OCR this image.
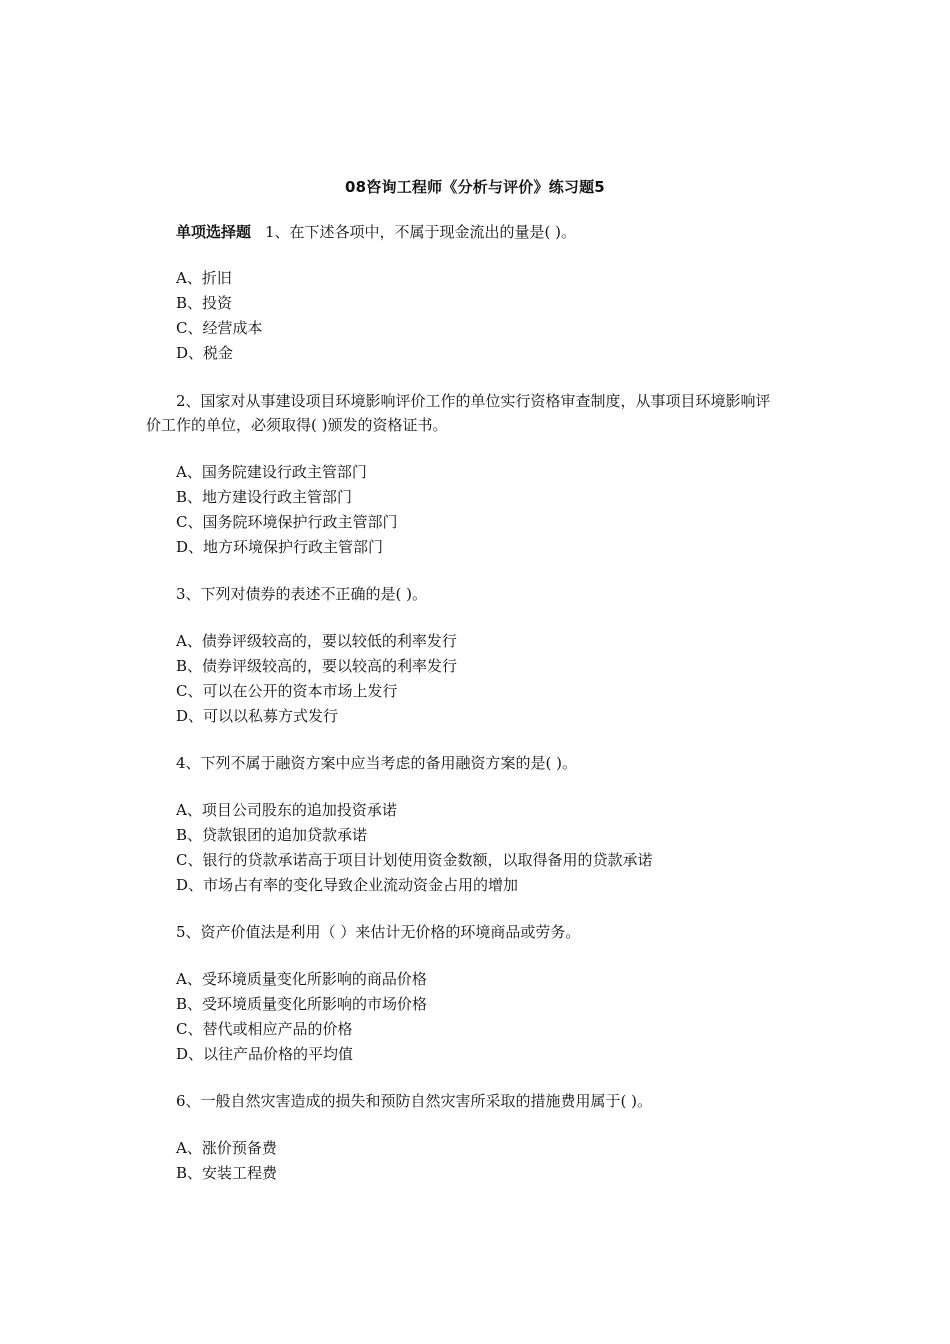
08咨询工程师《分析与评价》练习题5
单项选择题 1、在下述各项中，不属于现金流出的量是( )。
A、折旧
B、投资
C、经营成本
D、税金
2、国家对从事建设项目环境影响评价工作的单位实行资格审查制度，从事项目环境影响评
价工作的单位，必须取得( )颁发的资格证书。
A、国务院建设行政主管部门
B、地方建设行政主管部门
C、国务院环境保护行政主管部门
D、地方环境保护行政主管部门
3、下列对债券的表述不正确的是( )。
A、债券评级较高的，要以较低的利率发行
B、债券评级较高的，要以较高的利率发行
C、可以在公开的资本市场上发行
D、可以以私募方式发行
4、下列不属于融资方案中应当考虑的备用融资方案的是( )。
A、项目公司股东的追加投资承诺
B、贷款银团的追加贷款承诺
C、银行的贷款承诺高于项目计划使用资金数额，以取得备用的贷款承诺
D、市场占有率的变化导致企业流动资金占用的增加
5、资产价值法是利用（ ）来估计无价格的环境商品或劳务。
A、受环境质量变化所影响的商品价格
B、受环境质量变化所影响的市场价格
C、替代或相应产品的价格
D、以往产品价格的平均值
6、一般自然灾害造成的损失和预防自然灾害所采取的措施费用属于( )。
A、涨价预备费
B、安装工程费
